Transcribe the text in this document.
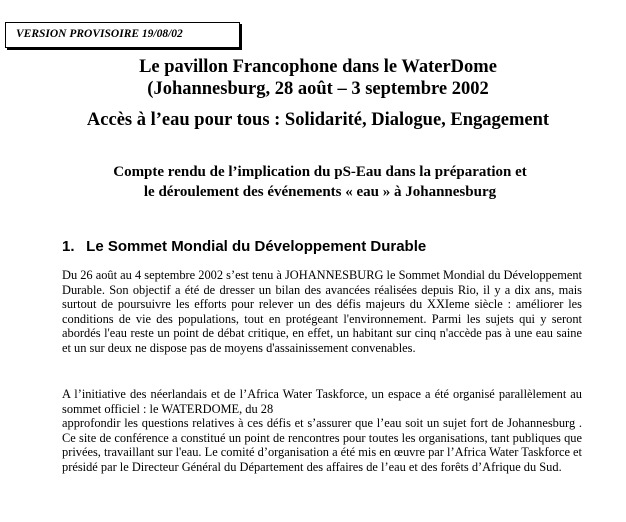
VERSION PROVISOIRE 19/08/02
Le pavillon Francophone dans le WaterDome
(Johannesburg, 28 août – 3 septembre 2002
Accès à l’eau pour tous : Solidarité, Dialogue, Engagement
Compte rendu de l’implication du pS-Eau dans la préparation et
le déroulement des événements « eau » à Johannesburg
1. Le Sommet Mondial du Développement Durable
Du 26 août au 4 septembre 2002 s’est tenu à JOHANNESBURG le Sommet Mondial du Développement Durable. Son objectif a été de dresser un bilan des avancées réalisées depuis Rio, il y a dix ans, mais surtout de poursuivre les efforts pour relever un des défis majeurs du XXIeme siècle : améliorer les conditions de vie des populations, tout en protégeant l'environnement. Parmi les sujets qui y seront abordés l'eau reste un point de débat critique, en effet, un habitant sur cinq n'accède pas à une eau saine et un sur deux ne dispose pas de moyens d'assainissement convenables.
A l’initiative des néerlandais et de l’Africa Water Taskforce, un espace a été organisé parallèlement au sommet officiel : le WATERDOME, du 28
approfondir les questions relatives à ces défis et s’assurer que l’eau soit un sujet fort de Johannesburg . Ce site de conférence a constitué un point de rencontres pour toutes les organisations, tant publiques que privées, travaillant sur l'eau. Le comité d’organisation a été mis en œuvre par l’Africa Water Taskforce et présidé par le Directeur Général du Département des affaires de l’eau et des forêts d’Afrique du Sud.
